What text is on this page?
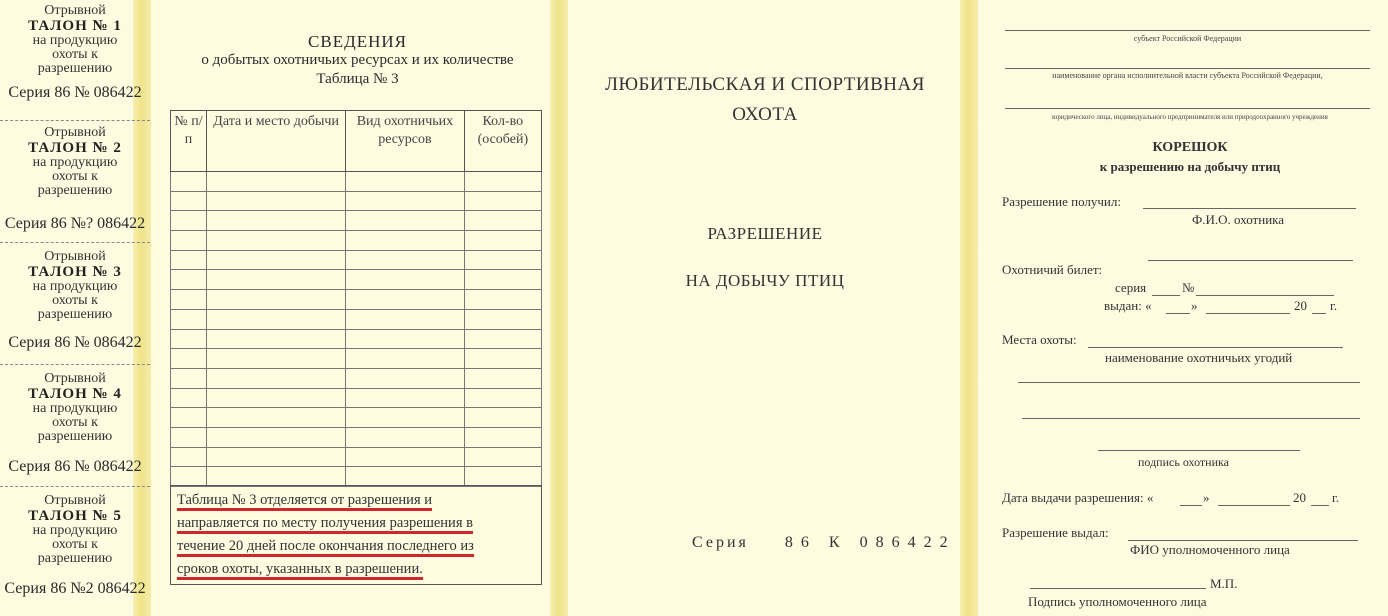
Отрывной
ТАЛОН № 1
на продукцию
охоты к
разрешению
Серия 86 № 086422
Отрывной
ТАЛОН № 2
на продукцию
охоты к
разрешению
Серия 86 №? 086422
Отрывной
ТАЛОН № 3
на продукцию
охоты к
разрешению
Серия 86 № 086422
Отрывной
ТАЛОН № 4
на продукцию
охоты к
разрешению
Серия 86 № 086422
Отрывной
ТАЛОН № 5
на продукцию
охоты к
разрешению
Серия 86 №2 086422
СВЕДЕНИЯ
о добытых охотничьих ресурсах и их количестве
Таблица № 3
№ п/п	Дата и место добычи	Вид охотничьих ресурсов	Кол-во (особей)

Таблица № 3 отделяется от разрешения и
направляется по месту получения разрешения в
течение 20 дней после окончания последнего из
сроков охоты, указанных в разрешении.
ЛЮБИТЕЛЬСКАЯ И СПОРТИВНАЯ
ОХОТА
РАЗРЕШЕНИЕ
НА ДОБЫЧУ ПТИЦ
Серия 86 К 086422
субъект Российской Федерации
наименование органа исполнительной власти субъекта Российской Федерации,
юридического лица, индивидуального предпринимателя или природоохранного учреждения
КОРЕШОК
к разрешению на добычу птиц
Разрешение получил:
Ф.И.О. охотника
Охотничий билет:
серия	№
выдан: «	»	20 г.
Места охоты:
наименование охотничьих угодий
подпись охотника
Дата выдачи разрешения: «	»	20 г.
Разрешение выдал:
ФИО уполномоченного лица
М.П.
Подпись уполномоченного лица
